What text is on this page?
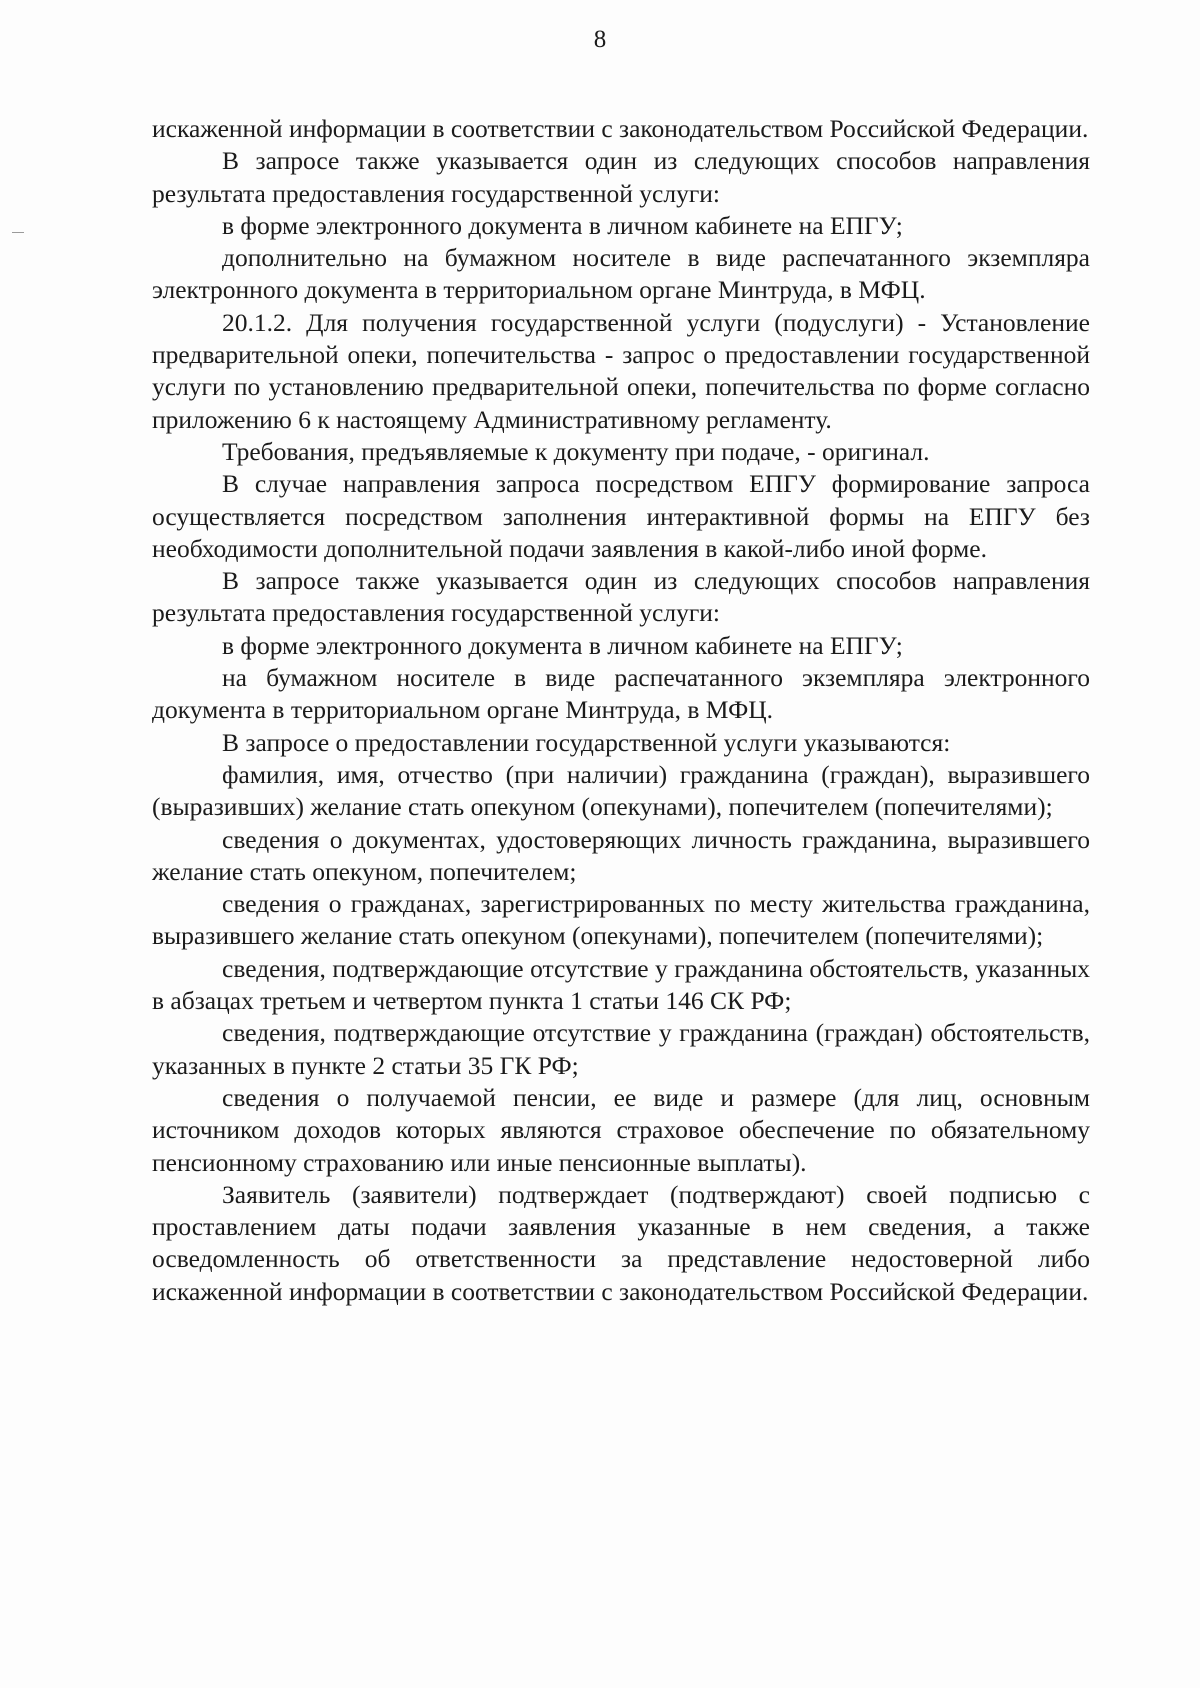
8

искаженной информации в соответствии с законодательством Российской Федерации.

В запросе также указывается один из следующих способов направления результата предоставления государственной услуги:

в форме электронного документа в личном кабинете на ЕПГУ;

дополнительно на бумажном носителе в виде распечатанного экземпляра электронного документа в территориальном органе Минтруда, в МФЦ.

20.1.2. Для получения государственной услуги (подуслуги) - Установление предварительной опеки, попечительства - запрос о предоставлении государственной услуги по установлению предварительной опеки, попечительства по форме согласно приложению 6 к настоящему Административному регламенту.

Требования, предъявляемые к документу при подаче, - оригинал.

В случае направления запроса посредством ЕПГУ формирование запроса осуществляется посредством заполнения интерактивной формы на ЕПГУ без необходимости дополнительной подачи заявления в какой-либо иной форме.

В запросе также указывается один из следующих способов направления результата предоставления государственной услуги:

в форме электронного документа в личном кабинете на ЕПГУ;

на бумажном носителе в виде распечатанного экземпляра электронного документа в территориальном органе Минтруда, в МФЦ.

В запросе о предоставлении государственной услуги указываются:

фамилия, имя, отчество (при наличии) гражданина (граждан), выразившего (выразивших) желание стать опекуном (опекунами), попечителем (попечителями);

сведения о документах, удостоверяющих личность гражданина, выразившего желание стать опекуном, попечителем;

сведения о гражданах, зарегистрированных по месту жительства гражданина, выразившего желание стать опекуном (опекунами), попечителем (попечителями);

сведения, подтверждающие отсутствие у гражданина обстоятельств, указанных в абзацах третьем и четвертом пункта 1 статьи 146 СК РФ;

сведения, подтверждающие отсутствие у гражданина (граждан) обстоятельств, указанных в пункте 2 статьи 35 ГК РФ;

сведения о получаемой пенсии, ее виде и размере (для лиц, основным источником доходов которых являются страховое обеспечение по обязательному пенсионному страхованию или иные пенсионные выплаты).

Заявитель (заявители) подтверждает (подтверждают) своей подписью с проставлением даты подачи заявления указанные в нем сведения, а также осведомленность об ответственности за представление недостоверной либо искаженной информации в соответствии с законодательством Российской Федерации.
